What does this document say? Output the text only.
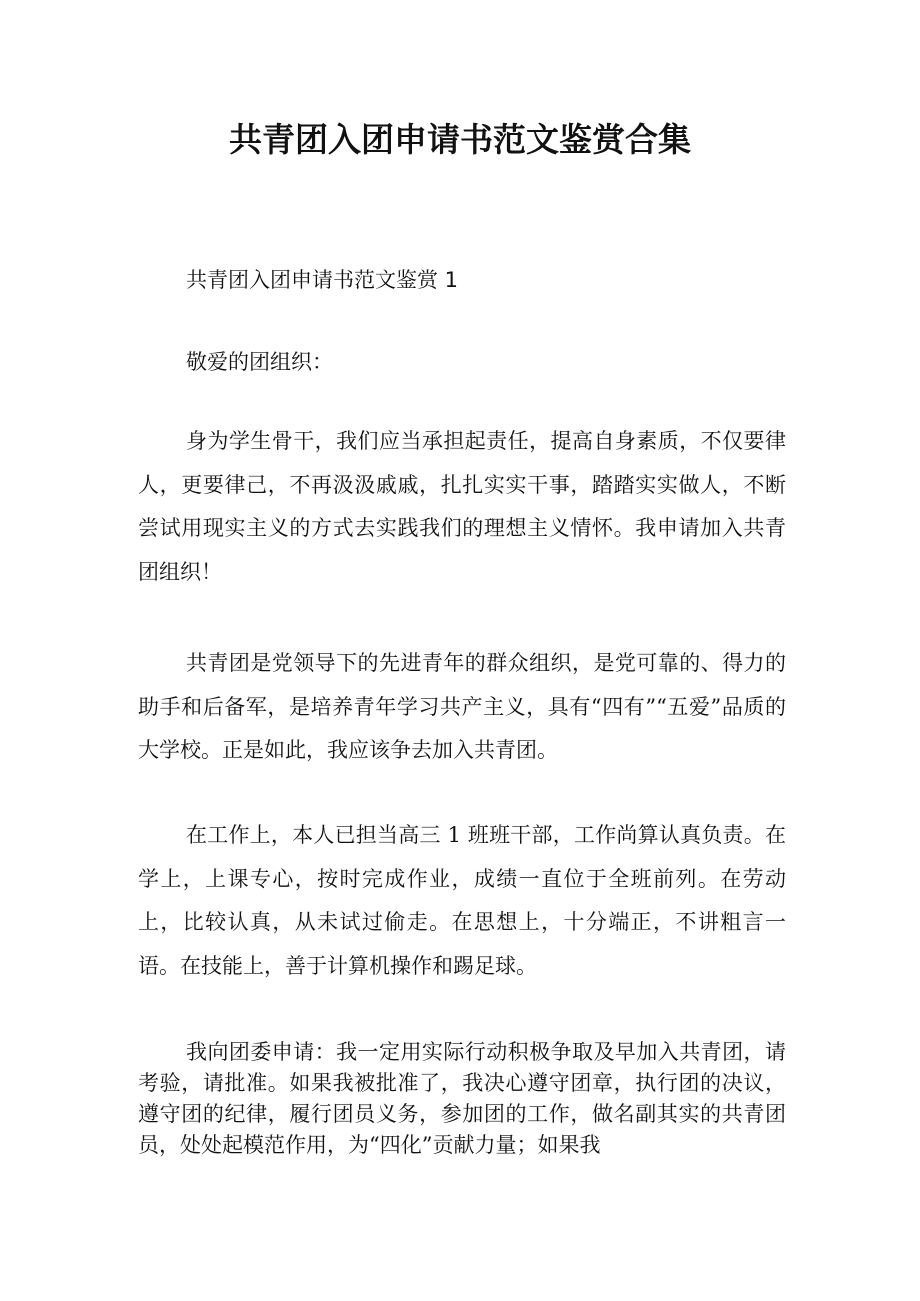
共青团入团申请书范文鉴赏合集

共青团入团申请书范文鉴赏 1

敬爱的团组织：

身为学生骨干，我们应当承担起责任，提高自身素质，不仅要律人，更要律己，不再汲汲戚戚，扎扎实实干事，踏踏实实做人，不断尝试用现实主义的方式去实践我们的理想主义情怀。我申请加入共青团组织！

共青团是党领导下的先进青年的群众组织，是党可靠的、得力的助手和后备军，是培养青年学习共产主义，具有“四有”“五爱”品质的大学校。正是如此，我应该争去加入共青团。

在工作上，本人已担当高三 1 班班干部，工作尚算认真负责。在学上，上课专心，按时完成作业，成绩一直位于全班前列。在劳动上，比较认真，从未试过偷走。在思想上，十分端正，不讲粗言一语。在技能上，善于计算机操作和踢足球。

我向团委申请：我一定用实际行动积极争取及早加入共青团，请考验，请批准。如果我被批准了，我决心遵守团章，执行团的决议，遵守团的纪律，履行团员义务，参加团的工作，做名副其实的共青团员，处处起模范作用，为“四化”贡献力量；如果我
